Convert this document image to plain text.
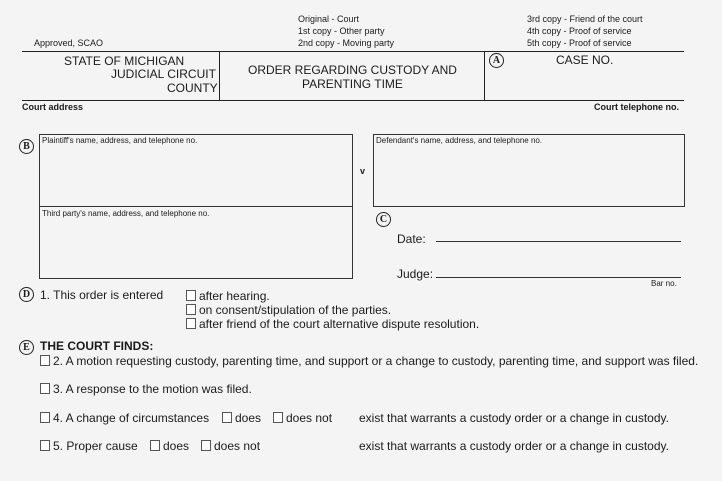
Approved, SCAO
Original - Court
1st copy - Other party
2nd copy - Moving party
3rd copy - Friend of the court
4th copy - Proof of service
5th copy - Proof of service
STATE OF MICHIGAN
JUDICIAL CIRCUIT
COUNTY
ORDER REGARDING CUSTODY AND
PARENTING TIME
A	CASE NO.
Court address	Court telephone no.
B
Plaintiff's name, address, and telephone no.
Third party's name, address, and telephone no.
v
Defendant's name, address, and telephone no.
C
Date:
Judge:
Bar no.
D 1. This order is entered	after hearing.
on consent/stipulation of the parties.
after friend of the court alternative dispute resolution.
E THE COURT FINDS:
2. A motion requesting custody, parenting time, and support or a change to custody, parenting time, and support was filed.
3. A response to the motion was filed.
4. A change of circumstances does does not exist that warrants a custody order or a change in custody.
5. Proper cause does does not	exist that warrants a custody order or a change in custody.
